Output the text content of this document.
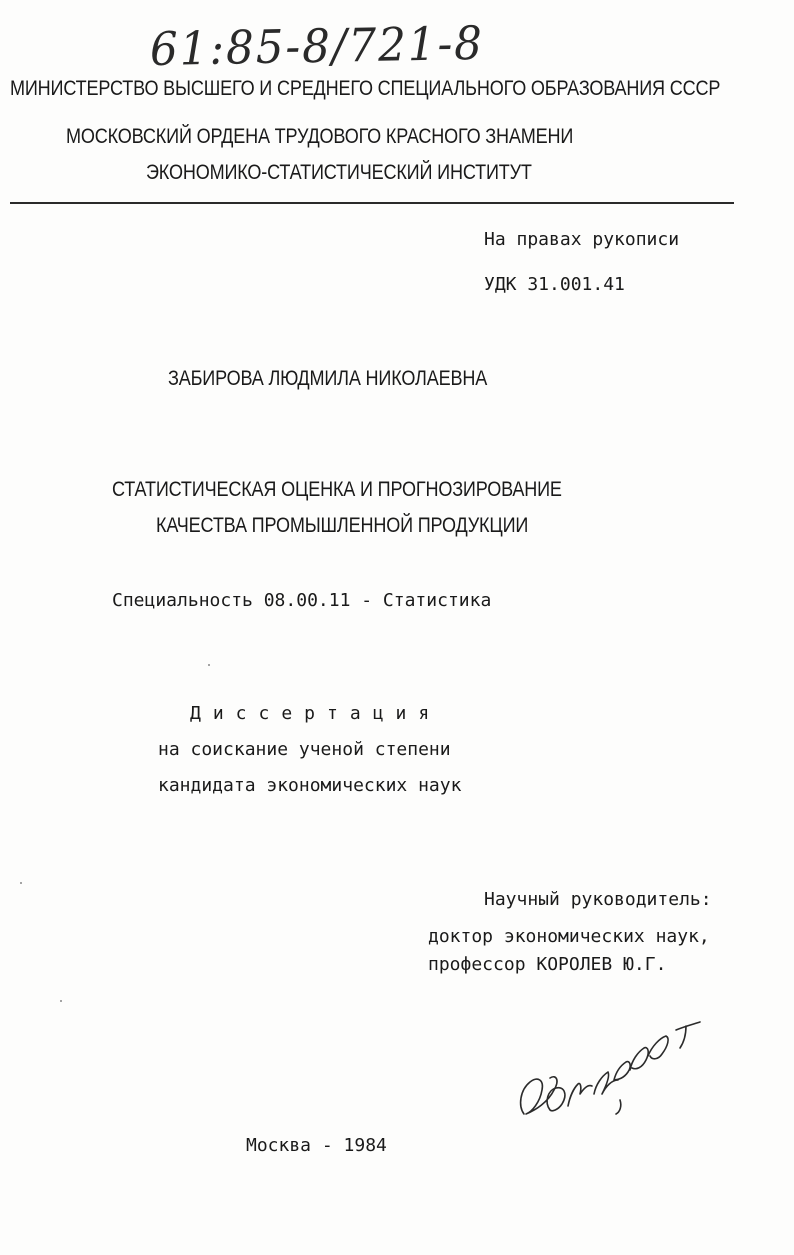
61:85-8/721-8
МИНИСТЕРСТВО ВЫСШЕГО И СРЕДНЕГО СПЕЦИАЛЬНОГО ОБРАЗОВАНИЯ СССР
МОСКОВСКИЙ ОРДЕНА ТРУДОВОГО КРАСНОГО ЗНАМЕНИ
ЭКОНОМИКО-СТАТИСТИЧЕСКИЙ ИНСТИТУТ
На правах рукописи
УДК 31.001.41
ЗАБИРОВА ЛЮДМИЛА НИКОЛАЕВНА
СТАТИСТИЧЕСКАЯ ОЦЕНКА И ПРОГНОЗИРОВАНИЕ
КАЧЕСТВА ПРОМЫШЛЕННОЙ ПРОДУКЦИИ
Специальность 08.00.11 - Статистика
Диссертация
на соискание ученой степени
кандидата экономических наук
Научный руководитель:
доктор экономических наук,
профессор КОРОЛЕВ Ю.Г.
Забирова
Москва - 1984
